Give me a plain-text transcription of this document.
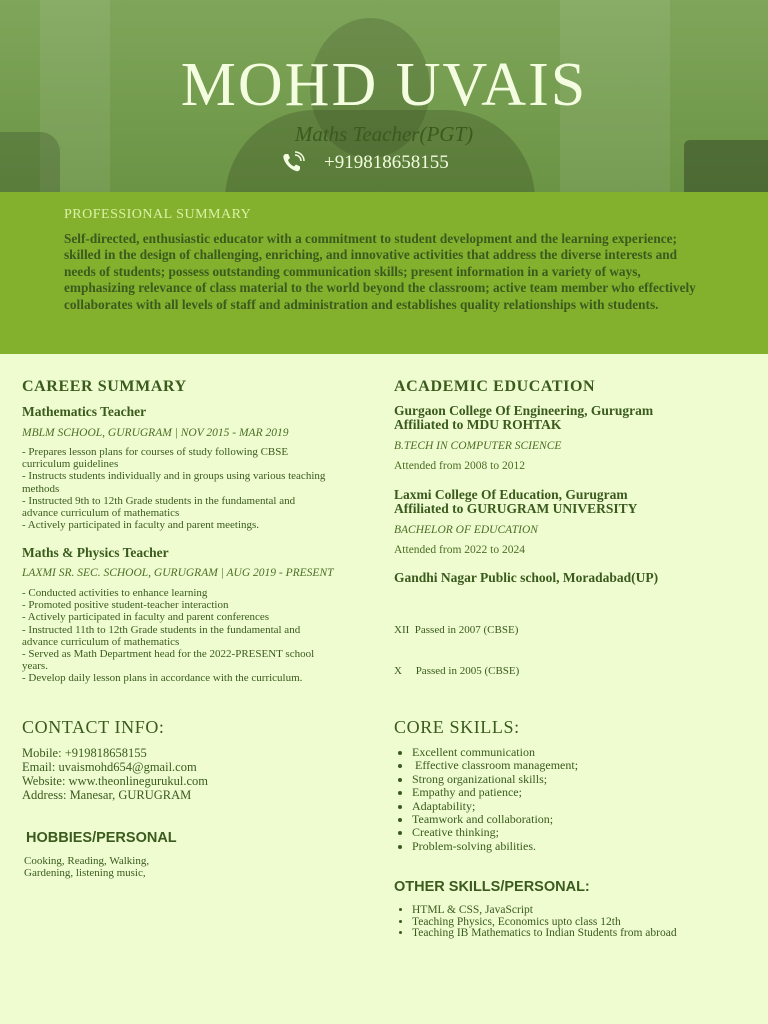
MOHD UVAIS
Maths Teacher(PGT)
+919818658155
PROFESSIONAL SUMMARY
Self-directed, enthusiastic educator with a commitment to student development and the learning experience; skilled in the design of challenging, enriching, and innovative activities that address the diverse interests and needs of students; possess outstanding communication skills; present information in a variety of ways, emphasizing relevance of class material to the world beyond the classroom; active team member who effectively collaborates with all levels of staff and administration and establishes quality relationships with students.
CAREER SUMMARY
Mathematics Teacher
MBLM SCHOOL, GURUGRAM | NOV 2015 - MAR 2019
- Prepares lesson plans for courses of study following CBSE
curriculum guidelines
- Instructs students individually and in groups using various teaching
methods
- Instructed 9th to 12th Grade students in the fundamental and
advance curriculum of mathematics
- Actively participated in faculty and parent meetings.
Maths & Physics Teacher
LAXMI SR. SEC. SCHOOL, GURUGRAM | AUG 2019 - PRESENT
- Conducted activities to enhance learning
- Promoted positive student-teacher interaction
- Actively participated in faculty and parent conferences
- Instructed 11th to 12th Grade students in the fundamental and
advance curriculum of mathematics
- Served as Math Department head for the 2022-PRESENT school
years.
- Develop daily lesson plans in accordance with the curriculum.
ACADEMIC EDUCATION
Gurgaon College Of Engineering, Gurugram
Affiliated to MDU ROHTAK
B.TECH IN COMPUTER SCIENCE
Attended from 2008 to 2012
Laxmi College Of Education, Gurugram
Affiliated to GURUGRAM UNIVERSITY
BACHELOR OF EDUCATION
Attended from 2022 to 2024
Gandhi Nagar Public school, Moradabad(UP)

XII  Passed in 2007 (CBSE)

X     Passed in 2005 (CBSE)

CONTACT INFO:
Mobile: +919818658155
Email: uvaismohd654@gmail.com
Website: www.theonlinegurukul.com
Address: Manesar, GURUGRAM
HOBBIES/PERSONAL
Cooking, Reading, Walking,
Gardening, listening music,
CORE SKILLS:
• Excellent communication
•  Effective classroom management;
• Strong organizational skills;
• Empathy and patience;
• Adaptability;
• Teamwork and collaboration;
• Creative thinking;
• Problem-solving abilities.
OTHER SKILLS/PERSONAL:
• HTML & CSS, JavaScript
• Teaching Physics, Economics upto class 12th
• Teaching IB Mathematics to Indian Students from abroad
